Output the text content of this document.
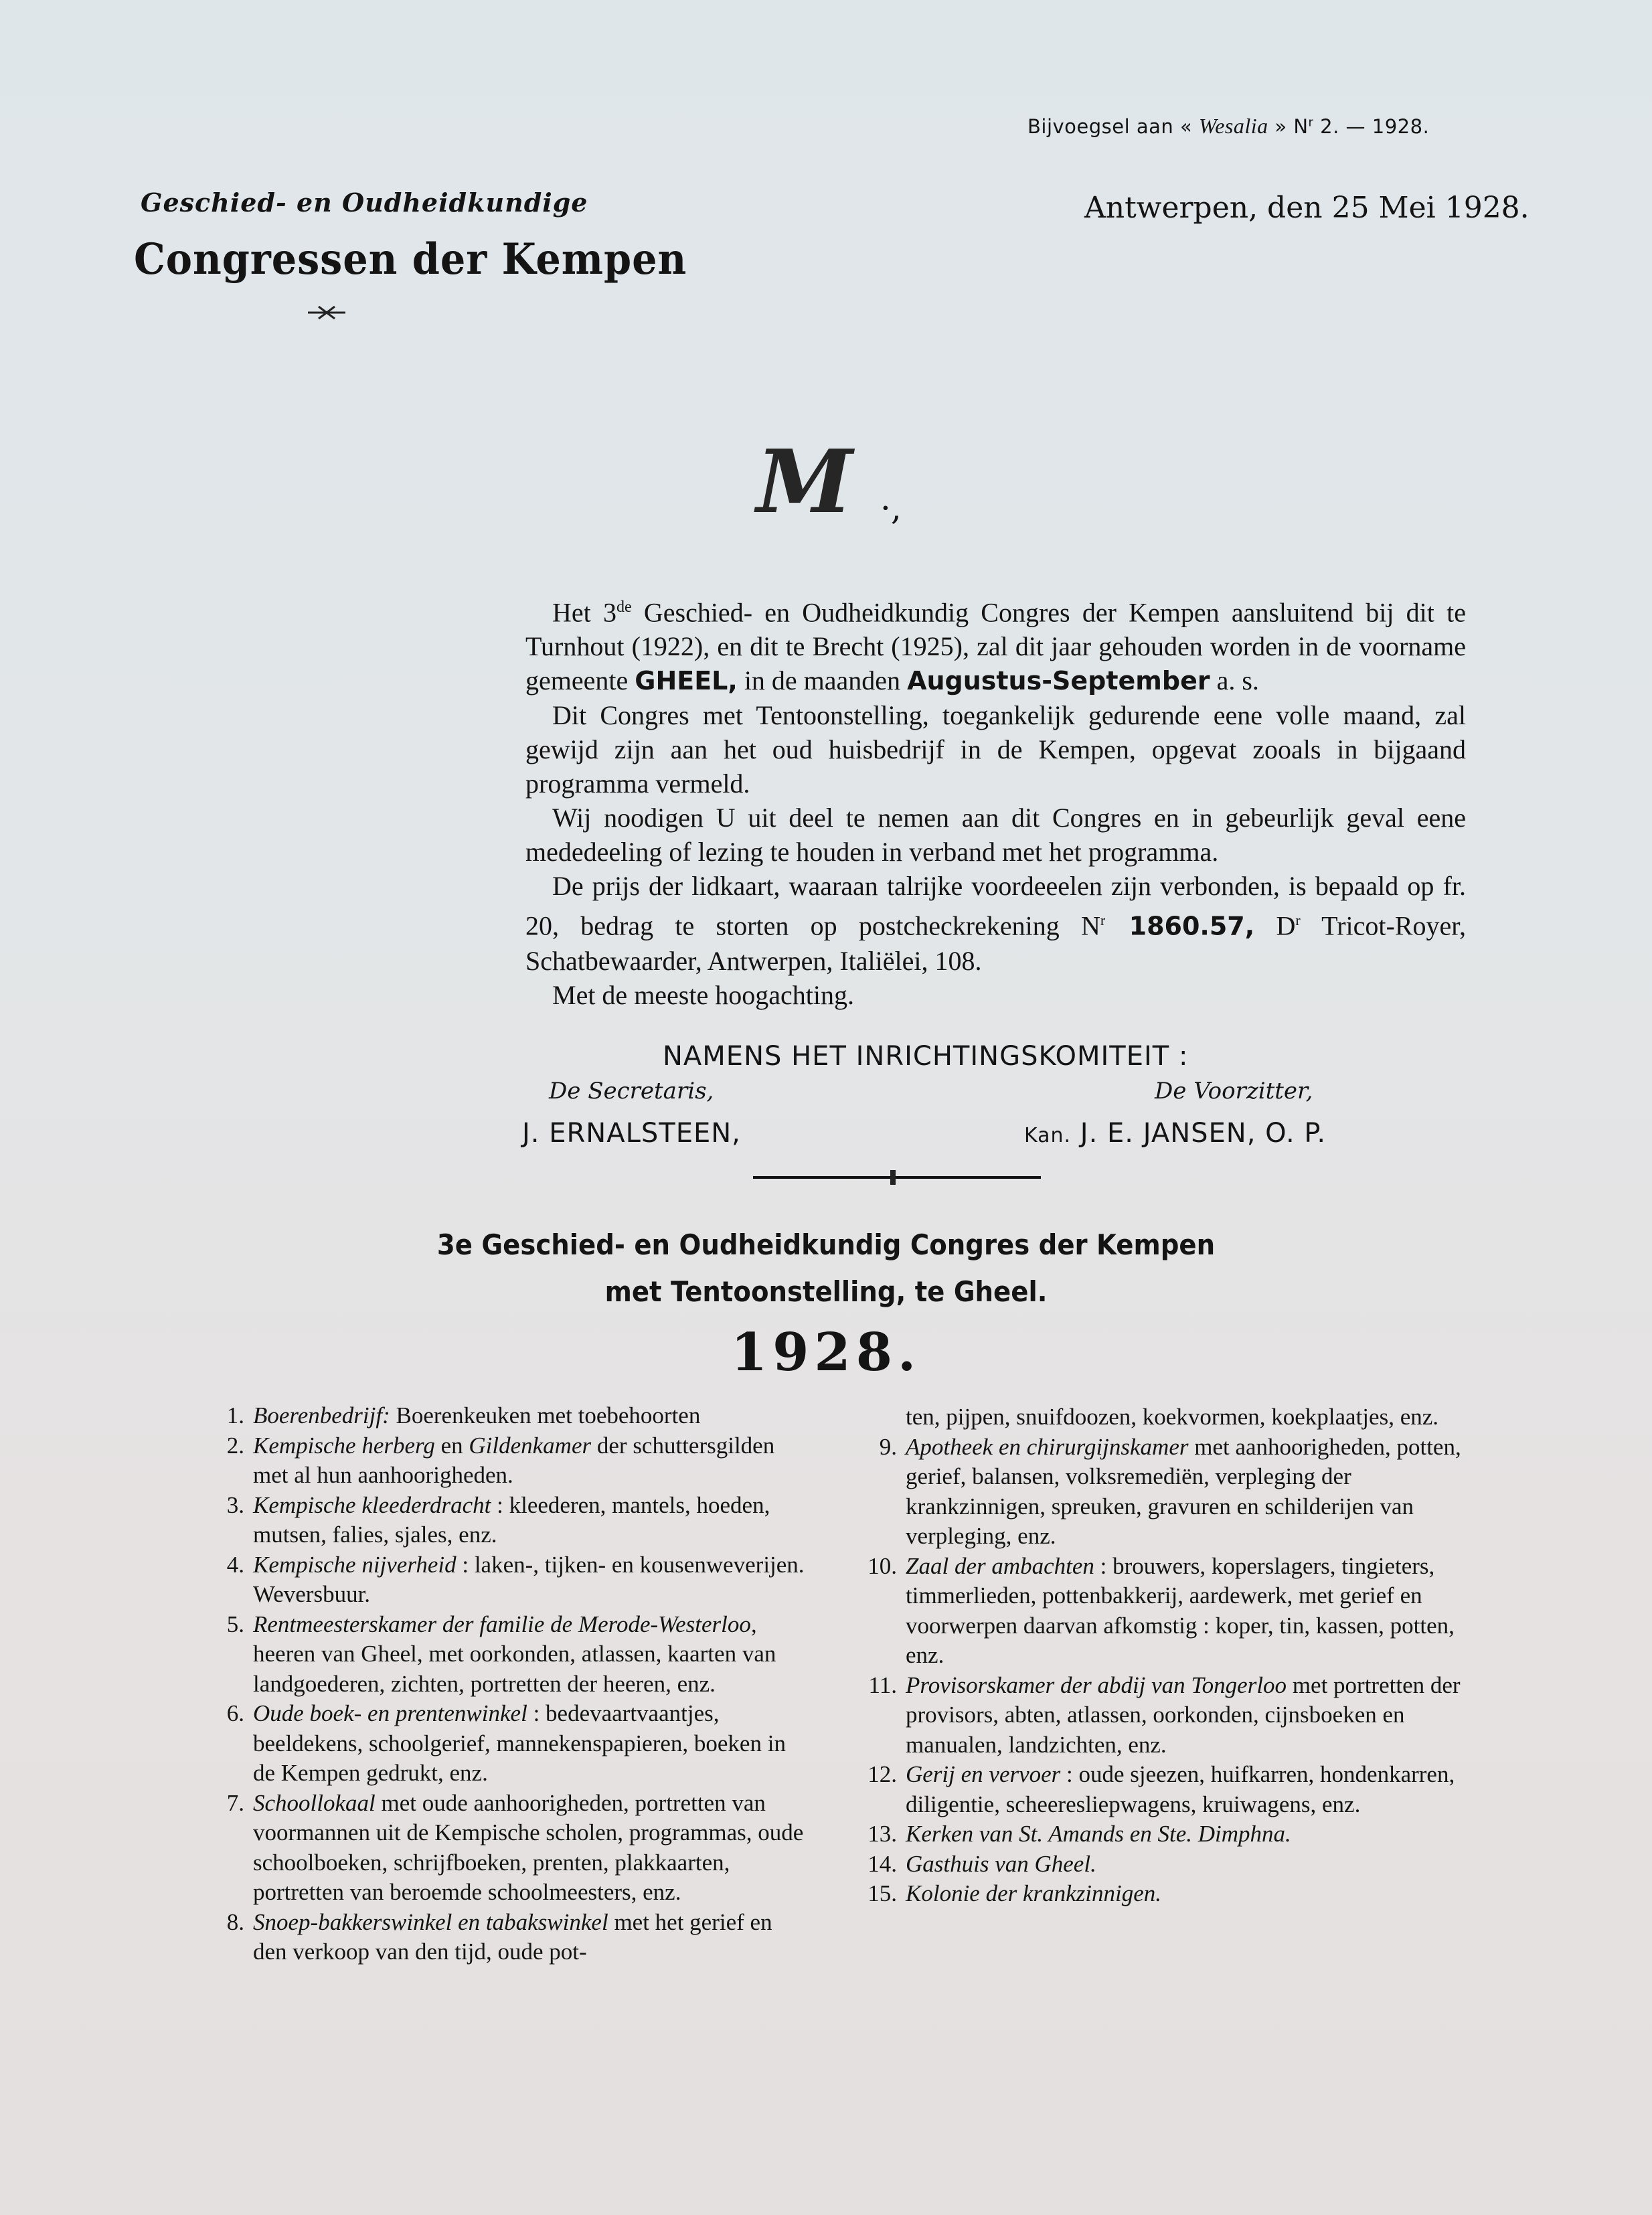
Bijvoegsel aan « Wesalia » $N^r$ 2. — 1928.
Antwerpen, den 25 Mei 1928.
Geschied- en Oudheidkundige
Congressen der Kempen
M ·,

Het 3de Geschied- en Oudheidkundig Congres der Kempen aansluitend bij dit te Turnhout (1922), en dit te Brecht (1925), zal dit jaar gehouden worden in de voorname gemeente GHEEL, in de maanden Augustus-September a. s.

Dit Congres met Tentoonstelling, toegankelijk gedurende eene volle maand, zal gewijd zijn aan het oud huisbedrijf in de Kempen, opgevat zooals in bijgaand programma vermeld.

Wij noodigen U uit deel te nemen aan dit Congres en in gebeurlijk geval eene mededeeling of lezing te houden in verband met het programma.

De prijs der lidkaart, waaraan talrijke voordeeelen zijn verbonden, is bepaald op fr. 20, bedrag te storten op postcheckrekening $N^r$ 1860.57, $D^r$ Tricot-Royer, Schatbewaarder, Antwerpen, Italiëlei, 108.

Met de meeste hoogachting.

NAMENS HET INRICHTINGSKOMITEIT :
De Secretaris,	De Voorzitter,
J. ERNALSTEEN,	Kan. J. E. JANSEN, O. P.
3e Geschied- en Oudheidkundig Congres der Kempen
met Tentoonstelling, te Gheel.
1928.
1. Boerenbedrijf: Boerenkeuken met toebehoorten
2. Kempische herberg en Gildenkamer der schuttersgilden met al hun aanhoorigheden.
3. Kempische kleederdracht : kleederen, mantels, hoeden, mutsen, falies, sjales, enz.
4. Kempische nijverheid : laken-, tijken- en kousenweverijen. Weversbuur.
5. Rentmeesterskamer der familie de Merode-Westerloo, heeren van Gheel, met oorkonden, atlassen, kaarten van landgoederen, zichten, portretten der heeren, enz.
6. Oude boek- en prentenwinkel : bedevaartvaantjes, beeldekens, schoolgerief, mannekenspapieren, boeken in de Kempen gedrukt, enz.
7. Schoollokaal met oude aanhoorigheden, portretten van voormannen uit de Kempische scholen, programmas, oude schoolboeken, schrijfboeken, prenten, plakkaarten, portretten van beroemde schoolmeesters, enz.
8. Snoep-bakkerswinkel en tabakswinkel met het gerief en den verkoop van den tijd, oude pot-
ten, pijpen, snuifdoozen, koekvormen, koekplaatjes, enz.
9. Apotheek en chirurgijnskamer met aanhoorigheden, potten, gerief, balansen, volksremediën, verpleging der krankzinnigen, spreuken, gravuren en schilderijen van verpleging, enz.
10. Zaal der ambachten : brouwers, koperslagers, tingieters, timmerlieden, pottenbakkerij, aardewerk, met gerief en voorwerpen daarvan afkomstig : koper, tin, kassen, potten, enz.
11. Provisorskamer der abdij van Tongerloo met portretten der provisors, abten, atlassen, oorkonden, cijnsboeken en manualen, landzichten, enz.
12. Gerij en vervoer : oude sjeezen, huifkarren, hondenkarren, diligentie, scheeresliepwagens, kruiwagens, enz.
13. Kerken van St. Amands en Ste. Dimphna.
14. Gasthuis van Gheel.
15. Kolonie der krankzinnigen.
